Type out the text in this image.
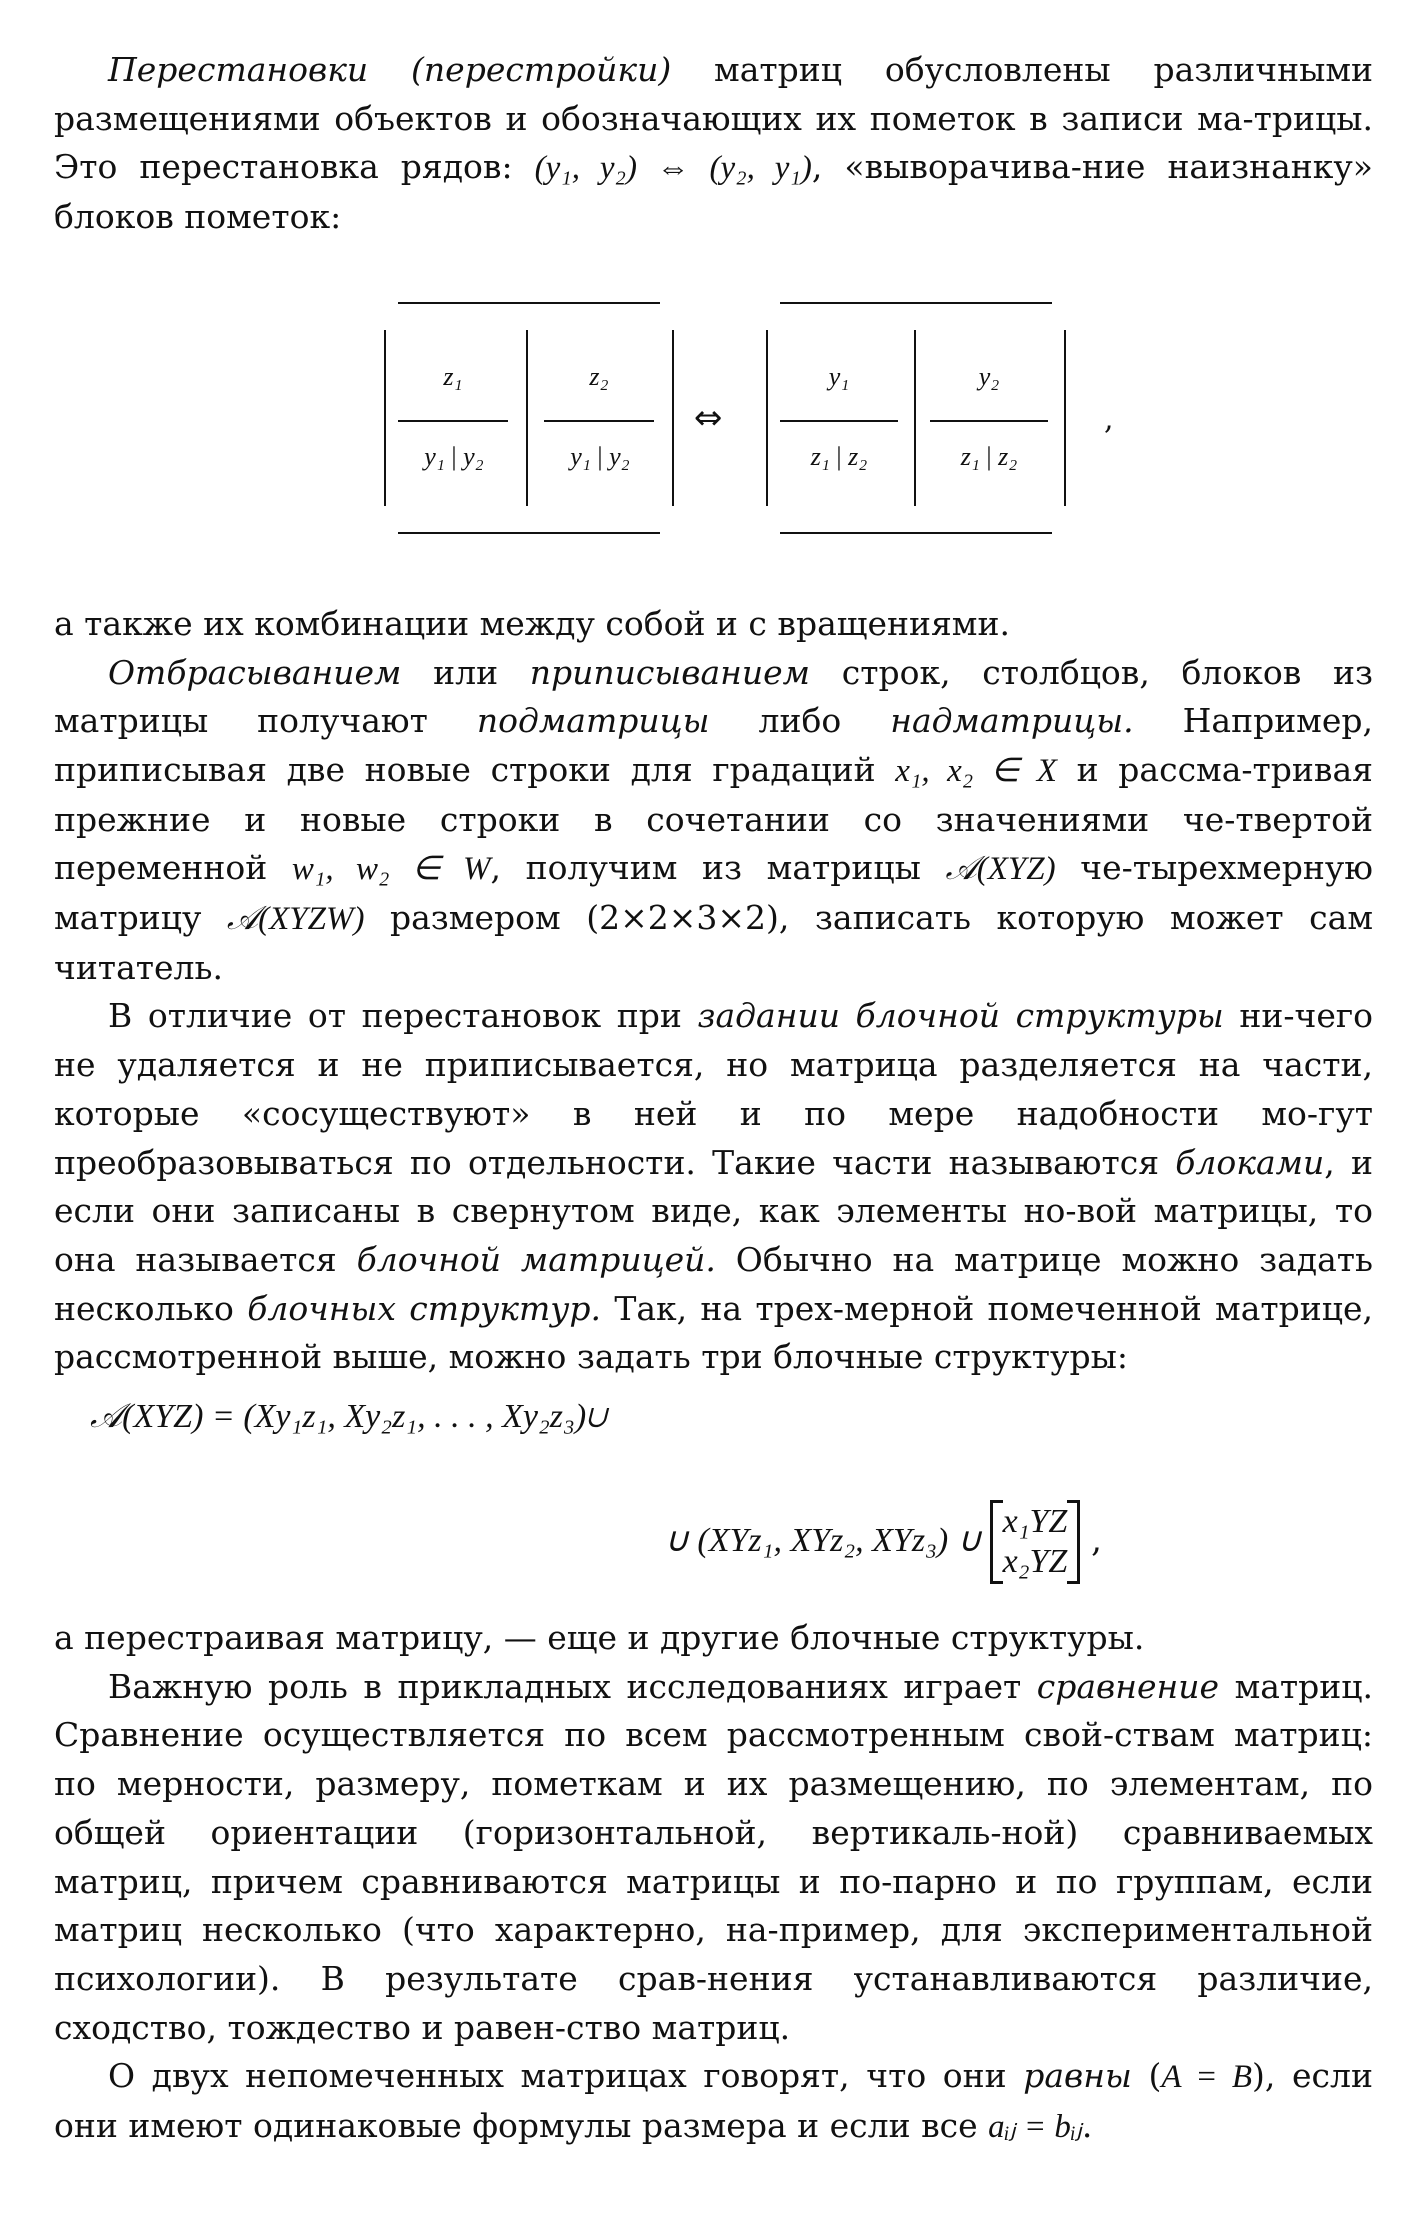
Перестановки (перестройки) матриц обусловлены различными размещениями объектов и обозначающих их пометок в записи ма-трицы. Это перестановка рядов: (y₁, y₂) ⇔ (y₂, y₁), «выворачива-ние наизнанку» блоков пометок:

z₁	z₂
y₁ | y₂	y₁ | y₂
⇔
y₁	y₂
z₁ | z₂	z₁ | z₂
,

а также их комбинации между собой и с вращениями.

Отбрасыванием или приписыванием строк, столбцов, блоков из матрицы получают подматрицы либо надматрицы. Например, приписывая две новые строки для градаций x₁, x₂ ∈ X и рассма-тривая прежние и новые строки в сочетании со значениями че-твертой переменной w₁, w₂ ∈ W, получим из матрицы 𝒜(XYZ) че-тырехмерную матрицу 𝒜(XYZW) размером (2×2×3×2), записать которую может сам читатель.

В отличие от перестановок при задании блочной структуры ни-чего не удаляется и не приписывается, но матрица разделяется на части, которые «сосуществуют» в ней и по мере надобности мо-гут преобразовываться по отдельности. Такие части называются блоками, и если они записаны в свернутом виде, как элементы но-вой матрицы, то она называется блочной матрицей. Обычно на матрице можно задать несколько блочных структур. Так, на трех-мерной помеченной матрице, рассмотренной выше, можно задать три блочные структуры:

𝒜(XYZ) = (Xy₁z₁, Xy₂z₁, . . . , Xy₂z₃)∪
∪ (XYz₁, XYz₂, XYz₃) ∪
x₁YZ
x₂YZ
,

а перестраивая матрицу, — еще и другие блочные структуры.

Важную роль в прикладных исследованиях играет сравнение матриц. Сравнение осуществляется по всем рассмотренным свой-ствам матриц: по мерности, размеру, пометкам и их размещению, по элементам, по общей ориентации (горизонтальной, вертикаль-ной) сравниваемых матриц, причем сравниваются матрицы и по-парно и по группам, если матриц несколько (что характерно, на-пример, для экспериментальной психологии). В результате срав-нения устанавливаются различие, сходство, тождество и равен-ство матриц.

О двух непомеченных матрицах говорят, что они равны (A = B), если они имеют одинаковые формулы размера и если все aᵢⱼ = bᵢⱼ.
